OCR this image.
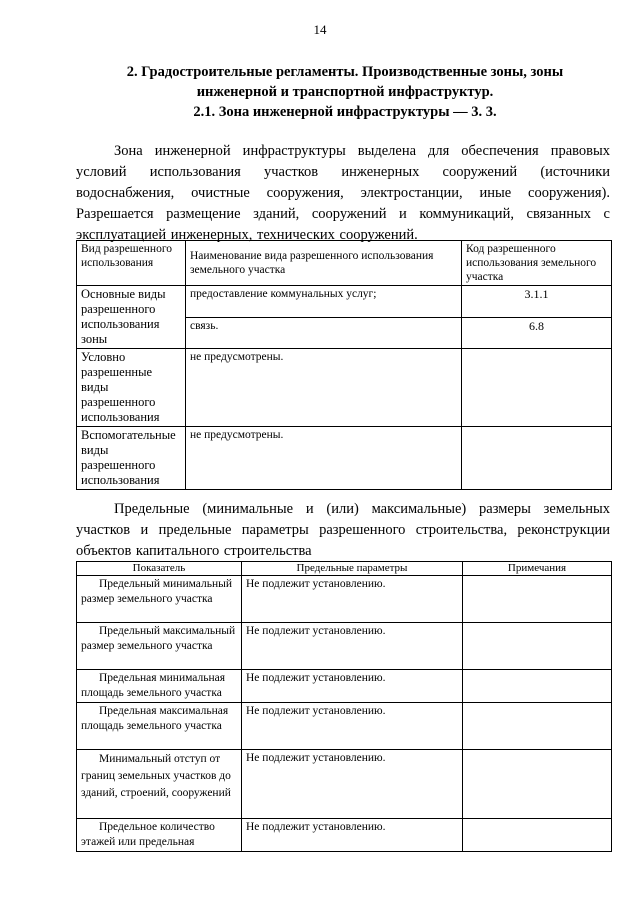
14
2. Градостроительные регламенты. Производственные зоны, зоны
инженерной и транспортной инфраструктур.
2.1. Зона инженерной инфраструктуры — 3. 3.
Зона инженерной инфраструктуры выделена для обеспечения правовых условий использования участков инженерных сооружений (источники водоснабжения, очистные сооружения, электростанции, иные сооружения). Разрешается размещение зданий, сооружений и коммуникаций, связанных с эксплуатацией инженерных, технических сооружений.
Вид разрешенного использования	Наименование вида разрешенного использования земельного участка	Код разрешенного использования земельного участка
Основные виды разрешенного использования зоны	предоставление коммунальных услуг;	3.1.1
	связь.	6.8
Условно разрешенные виды разрешенного использования	не предусмотрены.	
Вспомогательные виды разрешенного использования	не предусмотрены.	
Предельные (минимальные и (или) максимальные) размеры земельных участков и предельные параметры разрешенного строительства, реконструкции объектов капитального строительства
Показатель	Предельные параметры	Примечания
Предельный минимальный размер земельного участка	Не подлежит установлению.	
Предельный максимальный размер земельного участка	Не подлежит установлению.	
Предельная минимальная площадь земельного участка	Не подлежит установлению.	
Предельная максимальная площадь земельного участка	Не подлежит установлению.	
Минимальный отступ от границ земельных участков до зданий, строений, сооружений	Не подлежит установлению.	
Предельное количество этажей или предельная	Не подлежит установлению.	
